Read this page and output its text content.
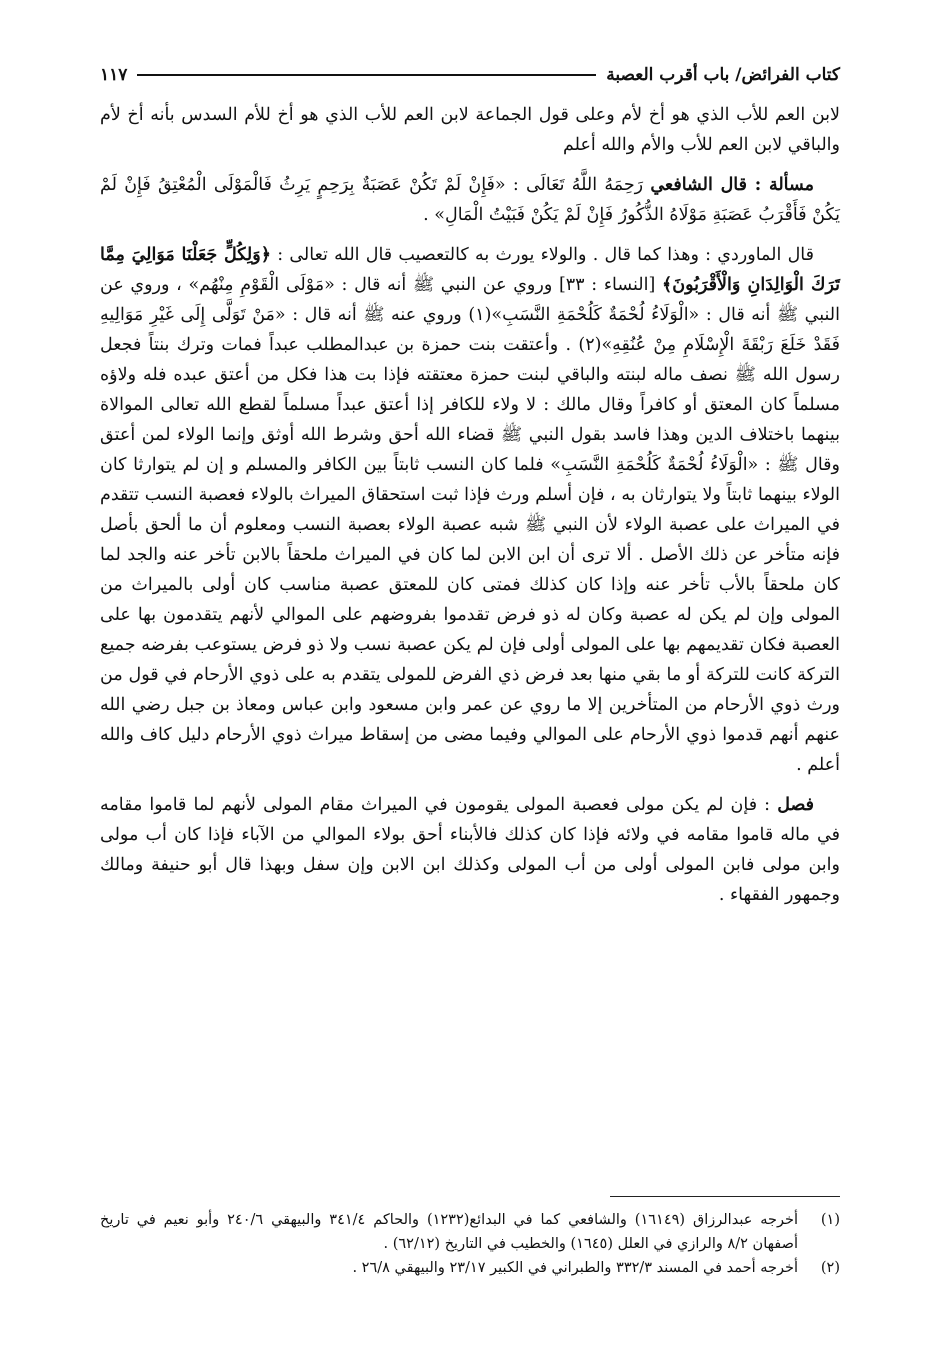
كتاب الفرائض/ باب أقرب العصبة
١١٧

لابن العم للأب الذي هو أخ لأم وعلى قول الجماعة لابن العم للأب الذي هو أخ للأم السدس بأنه أخ لأم والباقي لابن العم للأب والأم والله أعلم

مسألة : قال الشافعي رَحِمَهُ اللَّهُ تَعَالَى : «فَإِنْ لَمْ تَكُنْ عَصَبَةٌ بِرَحِمٍ يَرِثُ فَالْمَوْلَى الْمُعْتِقُ فَإِنْ لَمْ يَكُنْ فَأَقْرَبُ عَصَبَةِ مَوْلَاهُ الذُّكُورُ فَإِنْ لَمْ يَكُنْ فَبَيْتُ الْمَالِ» .

قال الماوردي : وهذا كما قال . والولاء يورث به كالتعصيب قال الله تعالى : ﴿وَلِكُلٍّ جَعَلْنَا مَوَالِيَ مِمَّا تَرَكَ الْوَالِدَانِ وَالْأَقْرَبُونَ﴾ [النساء : ٣٣] وروي عن النبي ﷺ أنه قال : «مَوْلَى الْقَوْمِ مِنْهُم» ، وروي عن النبي ﷺ أنه قال : «الْوَلَاءُ لُحْمَةٌ كَلُحْمَةِ النَّسَبِ»(١) وروي عنه ﷺ أنه قال : «مَنْ تَوَلَّى إِلَى غَيْرِ مَوَالِيهِ فَقَدْ خَلَعَ رَبْقَةَ الْإِسْلَامِ مِنْ عُنُقِهِ»(٢) . وأعتقت بنت حمزة بن عبدالمطلب عبداً فمات وترك بنتاً فجعل رسول الله ﷺ نصف ماله لبنته والباقي لبنت حمزة معتقته فإذا بت هذا فكل من أعتق عبده فله ولاؤه مسلماً كان المعتق أو كافراً وقال مالك : لا ولاء للكافر إذا أعتق عبداً مسلماً لقطع الله تعالى الموالاة بينهما باختلاف الدين وهذا فاسد بقول النبي ﷺ قضاء الله أحق وشرط الله أوثق وإنما الولاء لمن أعتق وقال ﷺ : «الْوَلَاءُ لُحْمَةٌ كَلُحْمَةِ النَّسَبِ» فلما كان النسب ثابتاً بين الكافر والمسلم و إن لم يتوارثا كان الولاء بينهما ثابتاً ولا يتوارثان به ، فإن أسلم ورث فإذا ثبت استحقاق الميراث بالولاء فعصبة النسب تتقدم في الميراث على عصبة الولاء لأن النبي ﷺ شبه عصبة الولاء بعصبة النسب ومعلوم أن ما ألحق بأصل فإنه متأخر عن ذلك الأصل . ألا ترى أن ابن الابن لما كان في الميراث ملحقاً بالابن تأخر عنه والجد لما كان ملحقاً بالأب تأخر عنه وإذا كان كذلك فمتى كان للمعتق عصبة مناسب كان أولى بالميراث من المولى وإن لم يكن له عصبة وكان له ذو فرض تقدموا بفروضهم على الموالي لأنهم يتقدمون بها على العصبة فكان تقديمهم بها على المولى أولى فإن لم يكن عصبة نسب ولا ذو فرض يستوعب بفرضه جميع التركة كانت للتركة أو ما بقي منها بعد فرض ذي الفرض للمولى يتقدم به على ذوي الأرحام في قول من ورث ذوي الأرحام من المتأخرين إلا ما روي عن عمر وابن مسعود وابن عباس ومعاذ بن جبل رضي الله عنهم أنهم قدموا ذوي الأرحام على الموالي وفيما مضى من إسقاط ميراث ذوي الأرحام دليل كاف والله أعلم .

فصل : فإن لم يكن مولى فعصبة المولى يقومون في الميراث مقام المولى لأنهم لما قاموا مقامه في ماله قاموا مقامه في ولائه فإذا كان كذلك فالأبناء أحق بولاء الموالي من الآباء فإذا كان أب مولى وابن مولى فابن المولى أولى من أب المولى وكذلك ابن الابن وإن سفل وبهذا قال أبو حنيفة ومالك وجمهور الفقهاء .

(١)
أخرجه عبدالرزاق (١٦١٤٩) والشافعي كما في البدائع(١٢٣٢) والحاكم ٣٤١/٤ والبيهقي ٢٤٠/٦ وأبو نعيم في تاريخ أصفهان ٨/٢ والرازي في العلل (١٦٤٥) والخطيب في التاريخ (٦٢/١٢) .
(٢)
أخرجه أحمد في المسند ٣٣٢/٣ والطبراني في الكبير ٢٣/١٧ والبيهقي ٢٦/٨ .
